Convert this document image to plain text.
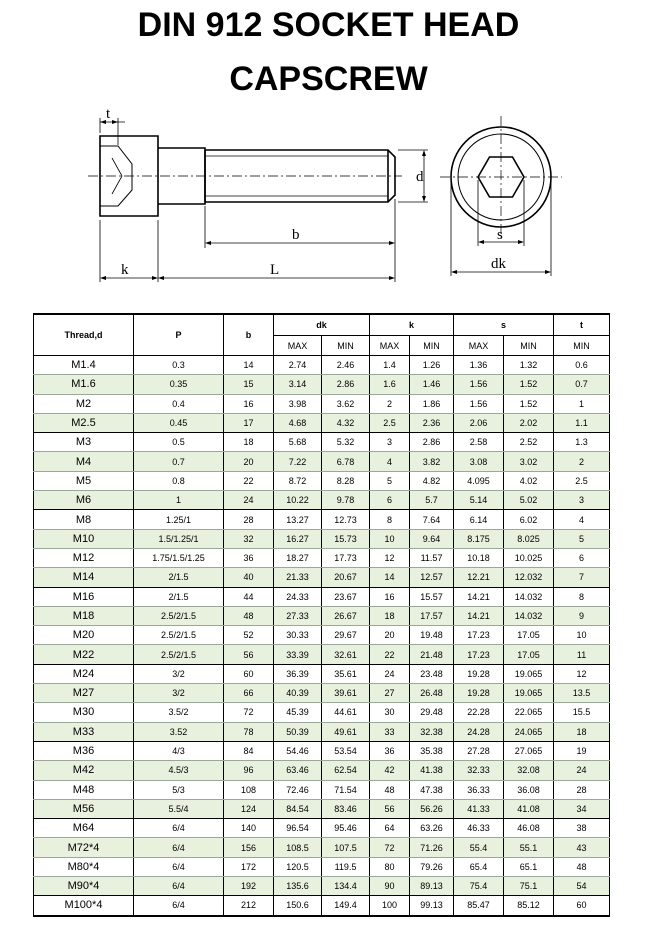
DIN 912 SOCKET HEAD
CAPSCREW
t
d
b
k	L
s
dk
Thread,d	P	b	dk		k		s		t
			MAX	MIN	MAX	MIN	MAX	MIN	MIN
M1.4	0.3	14	2.74	2.46	1.4	1.26	1.36	1.32	0.6
M1.6	0.35	15	3.14	2.86	1.6	1.46	1.56	1.52	0.7
M2	0.4	16	3.98	3.62	2	1.86	1.56	1.52	1
M2.5	0.45	17	4.68	4.32	2.5	2.36	2.06	2.02	1.1
M3	0.5	18	5.68	5.32	3	2.86	2.58	2.52	1.3
M4	0.7	20	7.22	6.78	4	3.82	3.08	3.02	2
M5	0.8	22	8.72	8.28	5	4.82	4.095	4.02	2.5
M6	1	24	10.22	9.78	6	5.7	5.14	5.02	3
M8	1.25/1	28	13.27	12.73	8	7.64	6.14	6.02	4
M10	1.5/1.25/1	32	16.27	15.73	10	9.64	8.175	8.025	5
M12	1.75/1.5/1.25	36	18.27	17.73	12	11.57	10.18	10.025	6
M14	2/1.5	40	21.33	20.67	14	12.57	12.21	12.032	7
M16	2/1.5	44	24.33	23.67	16	15.57	14.21	14.032	8
M18	2.5/2/1.5	48	27.33	26.67	18	17.57	14.21	14.032	9
M20	2.5/2/1.5	52	30.33	29.67	20	19.48	17.23	17.05	10
M22	2.5/2/1.5	56	33.39	32.61	22	21.48	17.23	17.05	11
M24	3/2	60	36.39	35.61	24	23.48	19.28	19.065	12
M27	3/2	66	40.39	39.61	27	26.48	19.28	19.065	13.5
M30	3.5/2	72	45.39	44.61	30	29.48	22.28	22.065	15.5
M33	3.52	78	50.39	49.61	33	32.38	24.28	24.065	18
M36	4/3	84	54.46	53.54	36	35.38	27.28	27.065	19
M42	4.5/3	96	63.46	62.54	42	41.38	32.33	32.08	24
M48	5/3	108	72.46	71.54	48	47.38	36.33	36.08	28
M56	5.5/4	124	84.54	83.46	56	56.26	41.33	41.08	34
M64	6/4	140	96.54	95.46	64	63.26	46.33	46.08	38
M72*4	6/4	156	108.5	107.5	72	71.26	55.4	55.1	43
M80*4	6/4	172	120.5	119.5	80	79.26	65.4	65.1	48
M90*4	6/4	192	135.6	134.4	90	89.13	75.4	75.1	54
M100*4	6/4	212	150.6	149.4	100	99.13	85.47	85.12	60
